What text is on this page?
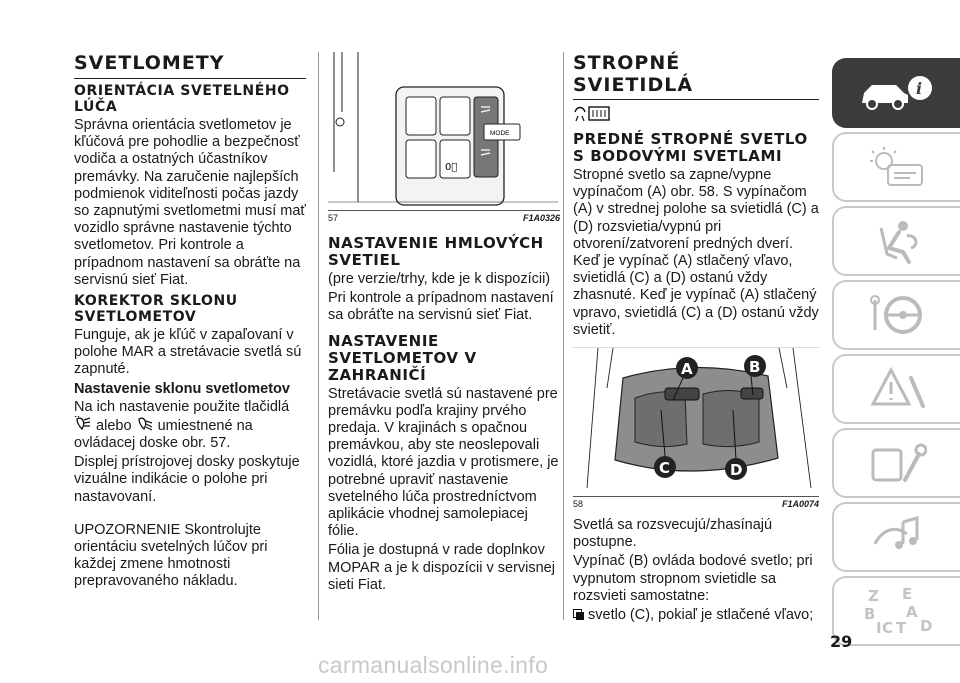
SVETLOMETY
ORIENTÁCIA SVETELNÉHO LÚČA

Správna orientácia svetlometov je kľúčová pre pohodlie a bezpečnosť vodiča a ostatných účastníkov premávky. Na zaručenie najlepších podmienok viditeľnosti počas jazdy so zapnutými svetlometmi musí mať vozidlo správne nastavenie týchto svetlometov. Pri kontrole a prípadnom nastavení sa obráťte na servisnú sieť Fiat.

KOREKTOR SKLONU SVETLOMETOV

Funguje, ak je kľúč v zapaľovaní v polohe MAR a stretávacie svetlá sú zapnuté.

Nastavenie sklonu svetlometov

Na ich nastavenie použite tlačidlá  alebo umiestnené na ovládacej doske obr. 57.

Displej prístrojovej dosky poskytuje vizuálne indikácie o polohe pri nastavovaní.

UPOZORNENIE Skontrolujte orientáciu svetelných lúčov pri každej zmene hmotnosti prepravovaného nákladu.

MODE
0⃝
57	F1A0326
NASTAVENIE HMLOVÝCH SVETIEL

(pre verzie/trhy, kde je k dispozícii)

Pri kontrole a prípadnom nastavení sa obráťte na servisnú sieť Fiat.

NASTAVENIE SVETLOMETOV V ZAHRANIČÍ

Stretávacie svetlá sú nastavené pre premávku podľa krajiny prvého predaja. V krajinách s opačnou premávkou, aby ste neoslepovali vozidlá, ktoré jazdia v protismere, je potrebné upraviť nastavenie svetelného lúča prostredníctvom aplikácie vhodnej samolepiacej fólie.

Fólia je dostupná v rade doplnkov MOPAR a je k dispozícii v servisnej sieti Fiat.

STROPNÉ
SVIETIDLÁ
PREDNÉ STROPNÉ SVETLO S BODOVÝMI SVETLAMI

Stropné svetlo sa zapne/vypne vypínačom (A) obr. 58. S vypínačom (A) v strednej polohe sa svietidlá (C) a (D) rozsvietia/vypnú pri otvorení/zatvorení predných dverí. Keď je vypínač (A) stlačený vľavo, svietidlá (C) a (D) ostanú vždy zhasnuté. Keď je vypínač (A) stlačený vpravo, svietidlá (C) a (D) ostanú vždy svietiť.

A	B
C	D
58	F1A0074

Svetlá sa rozsvecujú/zhasínajú postupne.

Vypínač (B) ovláda bodové svetlo; pri vypnutom stropnom svietidle sa rozsvieti samostatne:

svetlo (C), pokiaľ je stlačené vľavo;

i
Z E
A
B
C T D
I
29
carmanualsonline.info
